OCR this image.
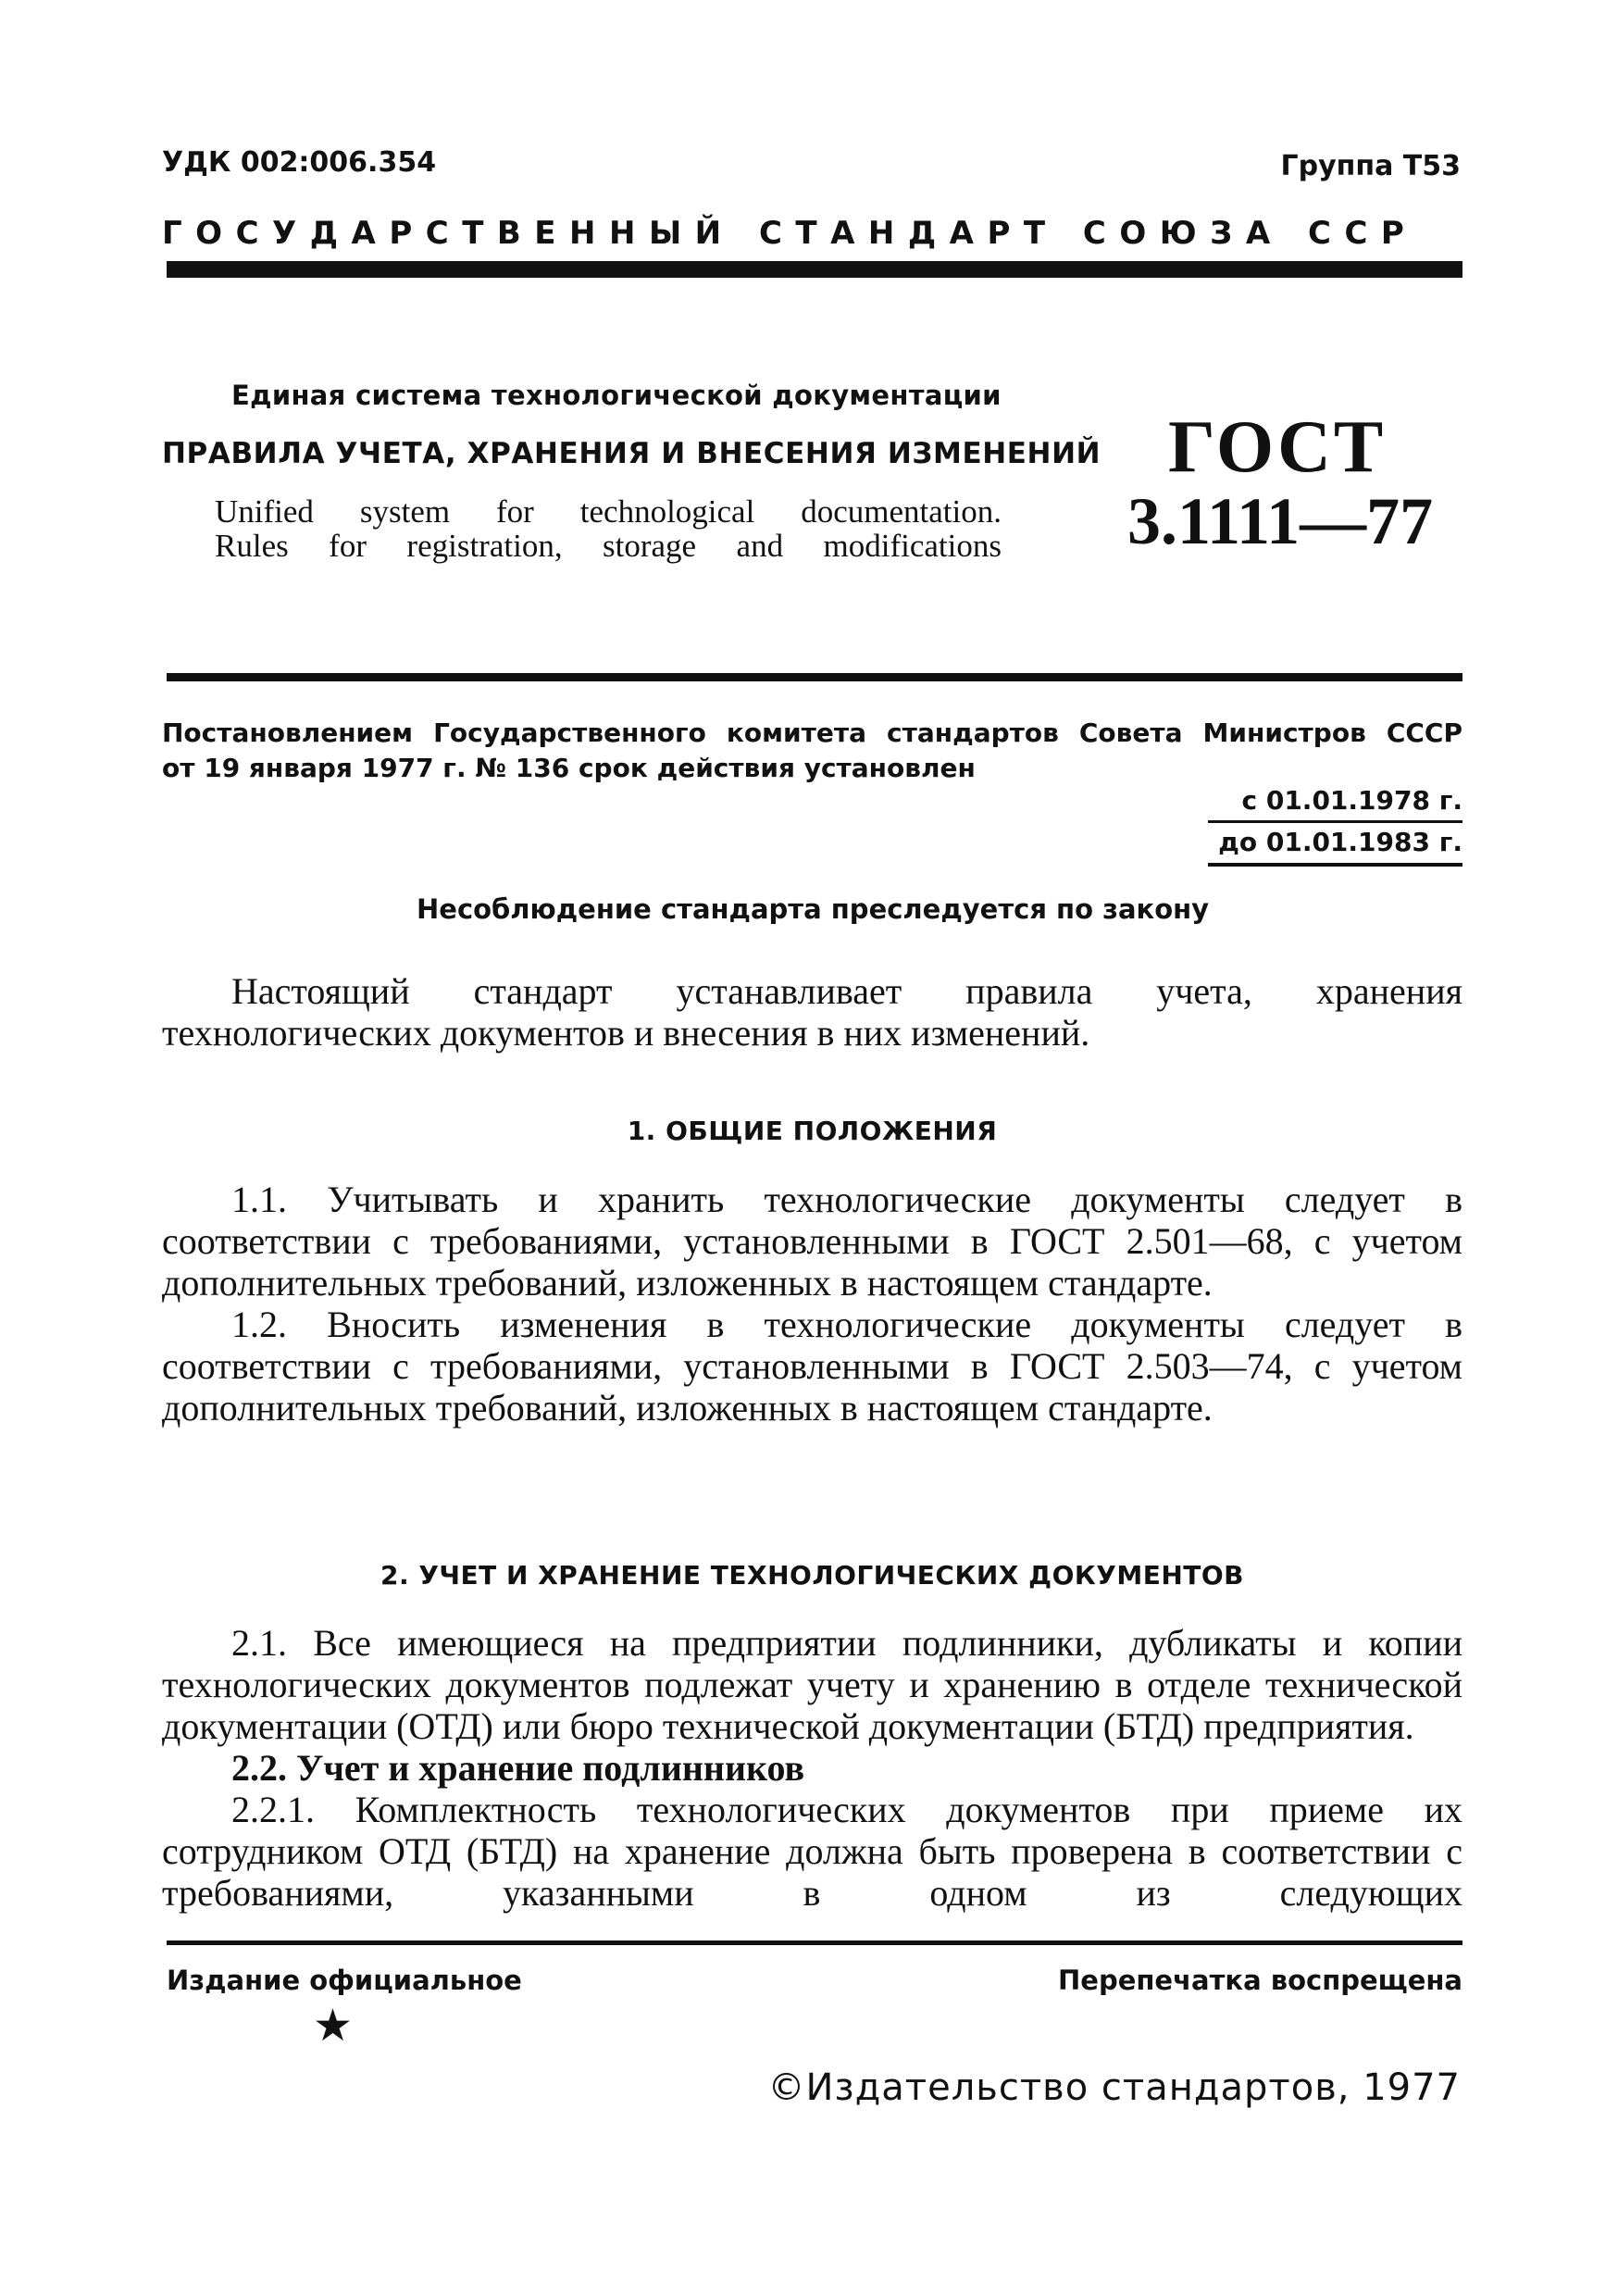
УДК 002:006.354	Группа Т53
ГОСУДАРСТВЕННЫЙ СТАНДАРТ СОЮЗА ССР
Единая система технологической документации
ПРАВИЛА УЧЕТА, ХРАНЕНИЯ И ВНЕСЕНИЯ ИЗМЕНЕНИЙ
Unified system for technological documentation.
Rules for registration, storage and modifications
ГОСТ
3.1111—77
Постановлением Государственного комитета стандартов Совета Министров СССР
от 19 января 1977 г. № 136 срок действия установлен
с 01.01.1978 г.
до 01.01.1983 г.
Несоблюдение стандарта преследуется по закону

Настоящий стандарт устанавливает правила учета, хранения технологических документов и внесения в них изменений.

1. ОБЩИЕ ПОЛОЖЕНИЯ

1.1. Учитывать и хранить технологические документы следует в соответствии с требованиями, установленными в ГОСТ 2.501—68, с учетом дополнительных требований, изложенных в настоящем стандарте.

1.2. Вносить изменения в технологические документы следует в соответствии с требованиями, установленными в ГОСТ 2.503—74, с учетом дополнительных требований, изложенных в настоящем стандарте.

2. УЧЕТ И ХРАНЕНИЕ ТЕХНОЛОГИЧЕСКИХ ДОКУМЕНТОВ

2.1. Все имеющиеся на предприятии подлинники, дубликаты и копии технологических документов подлежат учету и хранению в отделе технической документации (ОТД) или бюро технической документации (БТД) предприятия.

2.2. Учет и хранение подлинников

2.2.1. Комплектность технологических документов при приеме их сотрудником ОТД (БТД) на хранение должна быть проверена в соответствии с требованиями, указанными в одном из следующих

Издание официальное	Перепечатка воспрещена
★
©Издательство стандартов, 1977
